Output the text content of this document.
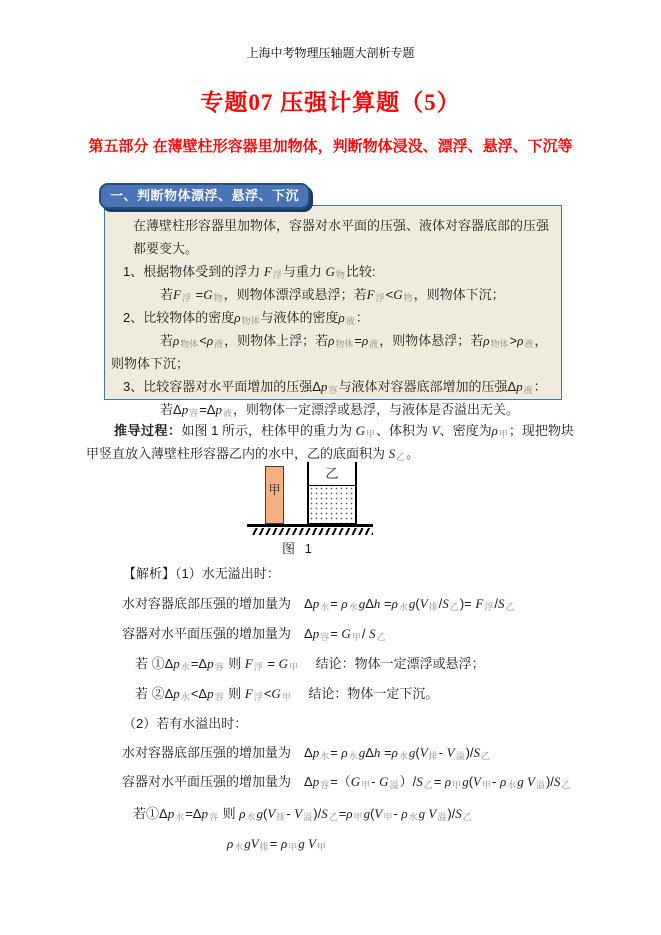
上海中考物理压轴题大剖析专题
专题07 压强计算题（5）
第五部分 在薄壁柱形容器里加物体，判断物体浸没、漂浮、悬浮、下沉等
一、判断物体漂浮、悬浮、下沉
在薄壁柱形容器里加物体，容器对水平面的压强、液体对容器底部的压强都要变大。
1、根据物体受到的浮力 $F_浮$与重力 $G_物$比较:
若$F_浮 =G_物$，则物体漂浮或悬浮；若$F_浮<G_物$，则物体下沉；
2、比较物体的密度$\rho_{物体}$与液体的密度$\rho_液$：
若$\rho_{物体}<\rho_液$，则物体上浮；若$\rho_{物体}=\rho_液$，则物体悬浮；若$\rho_{物体}>\rho_液$，则物体下沉；
3、比较容器对水平面增加的压强$\Delta p_容$与液体对容器底部增加的压强$\Delta p_液$：
若$\Delta p_容=\Delta p_液$，则物体一定漂浮或悬浮，与液体是否溢出无关。
推导过程：如图 1 所示，柱体甲的重力为 $G_甲$、体积为 V、密度为$\rho_甲$；现把物块甲竖直放入薄壁柱形容器乙内的水中，乙的底面积为 $S_乙$。
甲
乙
图 1
【解析】（1）水无溢出时：
水对容器底部压强的增加量为　$\Delta p_水= \rho_水g\Delta h =\rho_水g(V_排/S_乙)= F_浮/S_乙$
容器对水平面压强的增加量为　$\Delta p_容= G_甲/$ $S_乙$
若 $①\Delta p_水=\Delta p_容$ 则 $F_浮 = G_甲$　 结论：物体一定漂浮或悬浮；
若 $②\Delta p_水<\Delta p_容$ 则 $F_浮<G_甲$　 结论：物体一定下沉。
（2）若有水溢出时：
水对容器底部压强的增加量为　$\Delta p_水= \rho_水g\Delta h =\rho_水g(V_排-$ $V_溢)/S_乙$
容器对水平面压强的增加量为　$\Delta p_容=(G_甲-$ $G_溢)/S_乙= \rho_甲g(V_甲-$ $\rho_水g$ $V_溢)/S_乙$
若$①\Delta p_水=\Delta p_容$ 则 $\rho_水g(V_排-$ $V_溢)/S_乙=\rho_甲g(V_甲-$ $\rho_水g$ $V_溢)/S_乙$
$\rho_水gV_排= \rho_甲g$ $V_甲$
